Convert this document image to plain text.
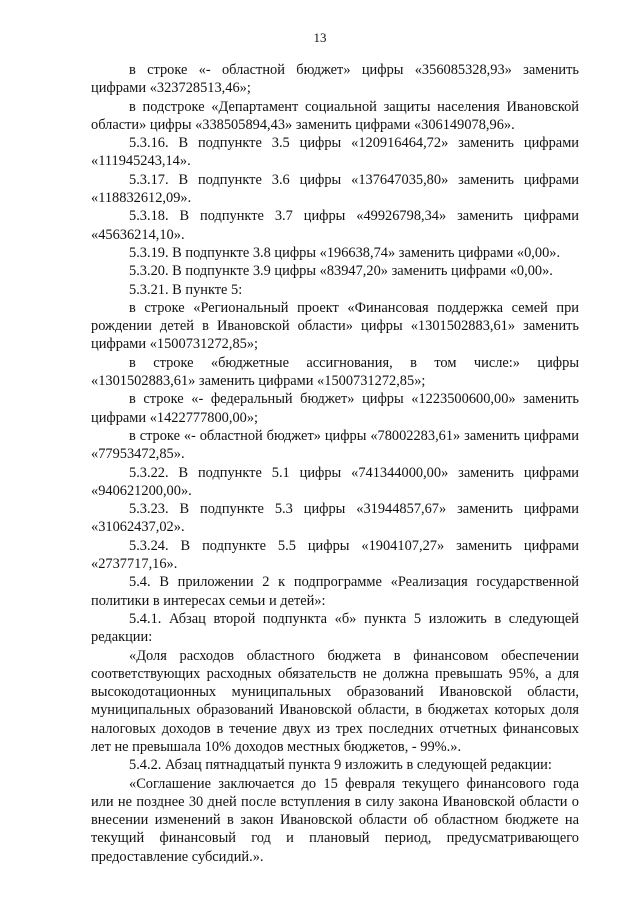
13

в строке «- областной бюджет» цифры «356085328,93» заменить цифрами «323728513,46»;

в подстроке «Департамент социальной защиты населения Ивановской области» цифры «338505894,43» заменить цифрами «306149078,96».

5.3.16. В подпункте 3.5 цифры «120916464,72» заменить цифрами «111945243,14».

5.3.17. В подпункте 3.6 цифры «137647035,80» заменить цифрами «118832612,09».

5.3.18. В подпункте 3.7 цифры «49926798,34» заменить цифрами «45636214,10».

5.3.19. В подпункте 3.8 цифры «196638,74» заменить цифрами «0,00».

5.3.20. В подпункте 3.9 цифры «83947,20» заменить цифрами «0,00».

5.3.21. В пункте 5:

в строке «Региональный проект «Финансовая поддержка семей при рождении детей в Ивановской области» цифры «1301502883,61» заменить цифрами «1500731272,85»;

в строке «бюджетные ассигнования, в том числе:» цифры «1301502883,61» заменить цифрами «1500731272,85»;

в строке «- федеральный бюджет» цифры «1223500600,00» заменить цифрами «1422777800,00»;

в строке «- областной бюджет» цифры «78002283,61» заменить цифрами «77953472,85».

5.3.22. В подпункте 5.1 цифры «741344000,00» заменить цифрами «940621200,00».

5.3.23. В подпункте 5.3 цифры «31944857,67» заменить цифрами «31062437,02».

5.3.24. В подпункте 5.5 цифры «1904107,27» заменить цифрами «2737717,16».

5.4. В приложении 2 к подпрограмме «Реализация государственной политики в интересах семьи и детей»:

5.4.1. Абзац второй подпункта «б» пункта 5 изложить в следующей редакции:

«Доля расходов областного бюджета в финансовом обеспечении соответствующих расходных обязательств не должна превышать 95%, а для высокодотационных муниципальных образований Ивановской области, муниципальных образований Ивановской области, в бюджетах которых доля налоговых доходов в течение двух из трех последних отчетных финансовых лет не превышала 10% доходов местных бюджетов, - 99%.».

5.4.2. Абзац пятнадцатый пункта 9 изложить в следующей редакции:

«Соглашение заключается до 15 февраля текущего финансового года или не позднее 30 дней после вступления в силу закона Ивановской области о внесении изменений в закон Ивановской области об областном бюджете на текущий финансовый год и плановый период, предусматривающего предоставление субсидий.».
